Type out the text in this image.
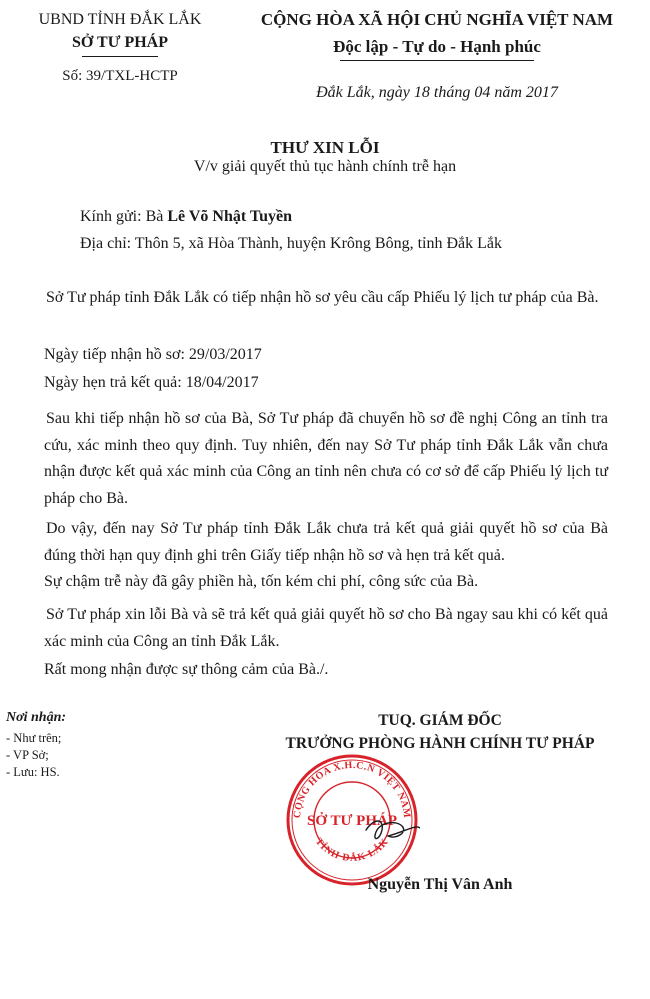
UBND TỈNH ĐẮK LẮK
SỞ TƯ PHÁP
Số: 39/TXL-HCTP
CỘNG HÒA XÃ HỘI CHỦ NGHĨA VIỆT NAM
Độc lập - Tự do - Hạnh phúc
Đắk Lắk, ngày 18 tháng 04 năm 2017
THƯ XIN LỖI
V/v giải quyết thủ tục hành chính trễ hạn
Kính gửi: Bà Lê Võ Nhật Tuyền
Địa chỉ: Thôn 5, xã Hòa Thành, huyện Krông Bông, tỉnh Đắk Lắk
Sở Tư pháp tỉnh Đắk Lắk có tiếp nhận hồ sơ yêu cầu cấp Phiếu lý lịch tư pháp của Bà.
Ngày tiếp nhận hồ sơ: 29/03/2017
Ngày hẹn trả kết quả: 18/04/2017
Sau khi tiếp nhận hồ sơ của Bà, Sở Tư pháp đã chuyển hồ sơ đề nghị Công an tỉnh tra cứu, xác minh theo quy định. Tuy nhiên, đến nay Sở Tư pháp tỉnh Đắk Lắk vẫn chưa nhận được kết quả xác minh của Công an tỉnh nên chưa có cơ sở để cấp Phiếu lý lịch tư pháp cho Bà.
Do vậy, đến nay Sở Tư pháp tỉnh Đắk Lắk chưa trả kết quả giải quyết hồ sơ của Bà đúng thời hạn quy định ghi trên Giấy tiếp nhận hồ sơ và hẹn trả kết quả.
Sự chậm trễ này đã gây phiền hà, tốn kém chi phí, công sức của Bà.
Sở Tư pháp xin lỗi Bà và sẽ trả kết quả giải quyết hồ sơ cho Bà ngay sau khi có kết quả xác minh của Công an tỉnh Đắk Lắk.
Rất mong nhận được sự thông cảm của Bà./.
Nơi nhận:
- Như trên;
- VP Sở;
- Lưu: HS.
TUQ. GIÁM ĐỐC
TRƯỞNG PHÒNG HÀNH CHÍNH TƯ PHÁP
CỘNG HÒA X.H.C.N VIỆT NAM
TỈNH ĐẮK LẮK
SỞ TƯ PHÁP
Nguyễn Thị Vân Anh
